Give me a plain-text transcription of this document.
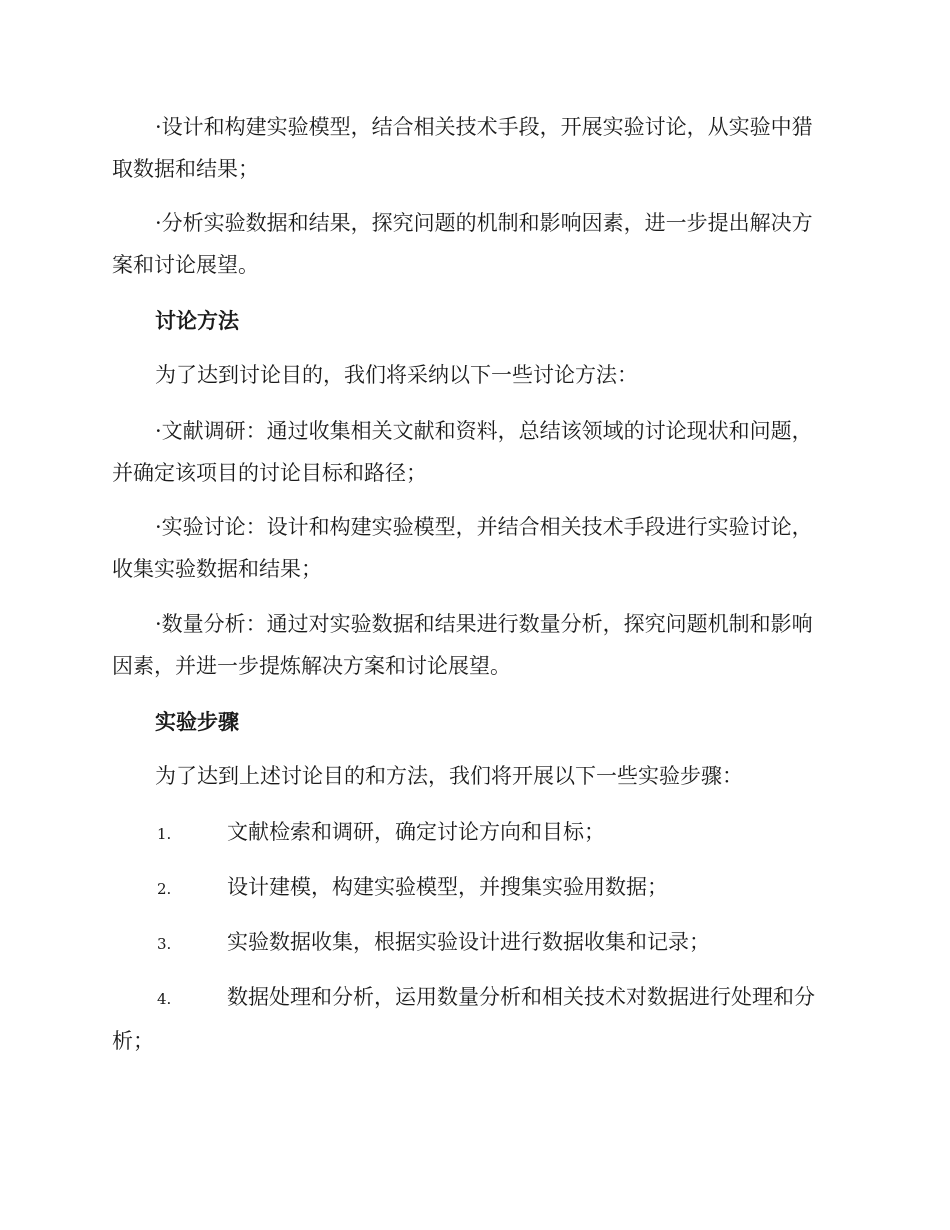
·设计和构建实验模型，结合相关技术手段，开展实验讨论，从实验中猎取数据和结果；

·分析实验数据和结果，探究问题的机制和影响因素，进一步提出解决方案和讨论展望。

讨论方法

为了达到讨论目的，我们将采纳以下一些讨论方法：

·文献调研：通过收集相关文献和资料，总结该领域的讨论现状和问题，并确定该项目的讨论目标和路径；

·实验讨论：设计和构建实验模型，并结合相关技术手段进行实验讨论，收集实验数据和结果；

·数量分析：通过对实验数据和结果进行数量分析，探究问题机制和影响因素，并进一步提炼解决方案和讨论展望。

实验步骤

为了达到上述讨论目的和方法，我们将开展以下一些实验步骤：

1.	文献检索和调研，确定讨论方向和目标；

2.	设计建模，构建实验模型，并搜集实验用数据；

3.	实验数据收集，根据实验设计进行数据收集和记录；

4.	数据处理和分析，运用数量分析和相关技术对数据进行处理和分析；
